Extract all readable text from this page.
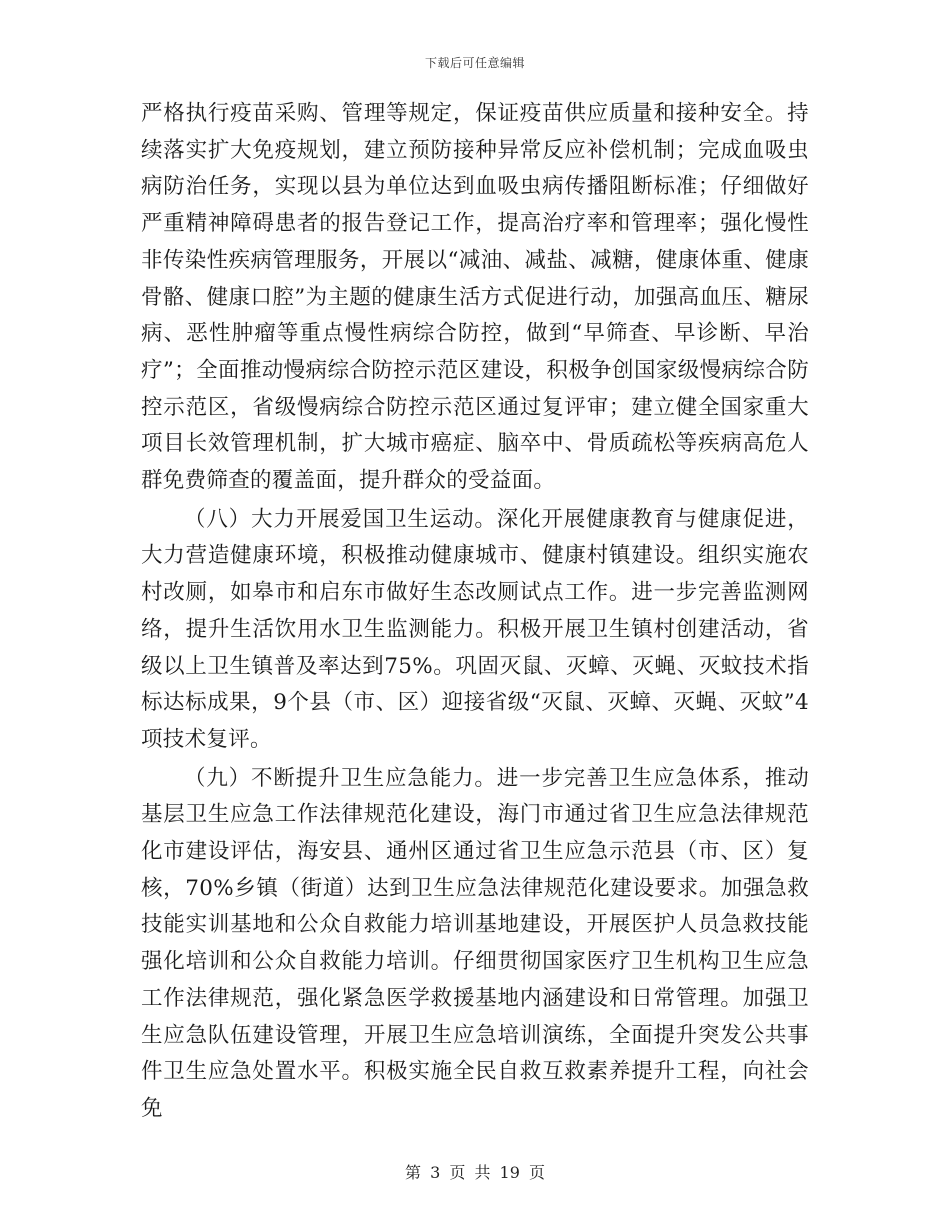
下载后可任意编辑

严格执行疫苗采购、管理等规定，保证疫苗供应质量和接种安全。持续落实扩大免疫规划，建立预防接种异常反应补偿机制；完成血吸虫病防治任务，实现以县为单位达到血吸虫病传播阻断标准；仔细做好严重精神障碍患者的报告登记工作，提高治疗率和管理率；强化慢性非传染性疾病管理服务，开展以“减油、减盐、减糖，健康体重、健康骨骼、健康口腔”为主题的健康生活方式促进行动，加强高血压、糖尿病、恶性肿瘤等重点慢性病综合防控，做到“早筛查、早诊断、早治疗”；全面推动慢病综合防控示范区建设，积极争创国家级慢病综合防控示范区，省级慢病综合防控示范区通过复评审；建立健全国家重大项目长效管理机制，扩大城市癌症、脑卒中、骨质疏松等疾病高危人群免费筛查的覆盖面，提升群众的受益面。

（八）大力开展爱国卫生运动。深化开展健康教育与健康促进，大力营造健康环境，积极推动健康城市、健康村镇建设。组织实施农村改厕，如皋市和启东市做好生态改厕试点工作。进一步完善监测网络，提升生活饮用水卫生监测能力。积极开展卫生镇村创建活动，省级以上卫生镇普及率达到75%。巩固灭鼠、灭蟑、灭蝇、灭蚊技术指标达标成果，9个县（市、区）迎接省级“灭鼠、灭蟑、灭蝇、灭蚊”4项技术复评。

（九）不断提升卫生应急能力。进一步完善卫生应急体系，推动基层卫生应急工作法律规范化建设，海门市通过省卫生应急法律规范化市建设评估，海安县、通州区通过省卫生应急示范县（市、区）复核，70%乡镇（街道）达到卫生应急法律规范化建设要求。加强急救技能实训基地和公众自救能力培训基地建设，开展医护人员急救技能强化培训和公众自救能力培训。仔细贯彻国家医疗卫生机构卫生应急工作法律规范，强化紧急医学救援基地内涵建设和日常管理。加强卫生应急队伍建设管理，开展卫生应急培训演练，全面提升突发公共事件卫生应急处置水平。积极实施全民自救互救素养提升工程，向社会免

第 3 页 共 19 页
